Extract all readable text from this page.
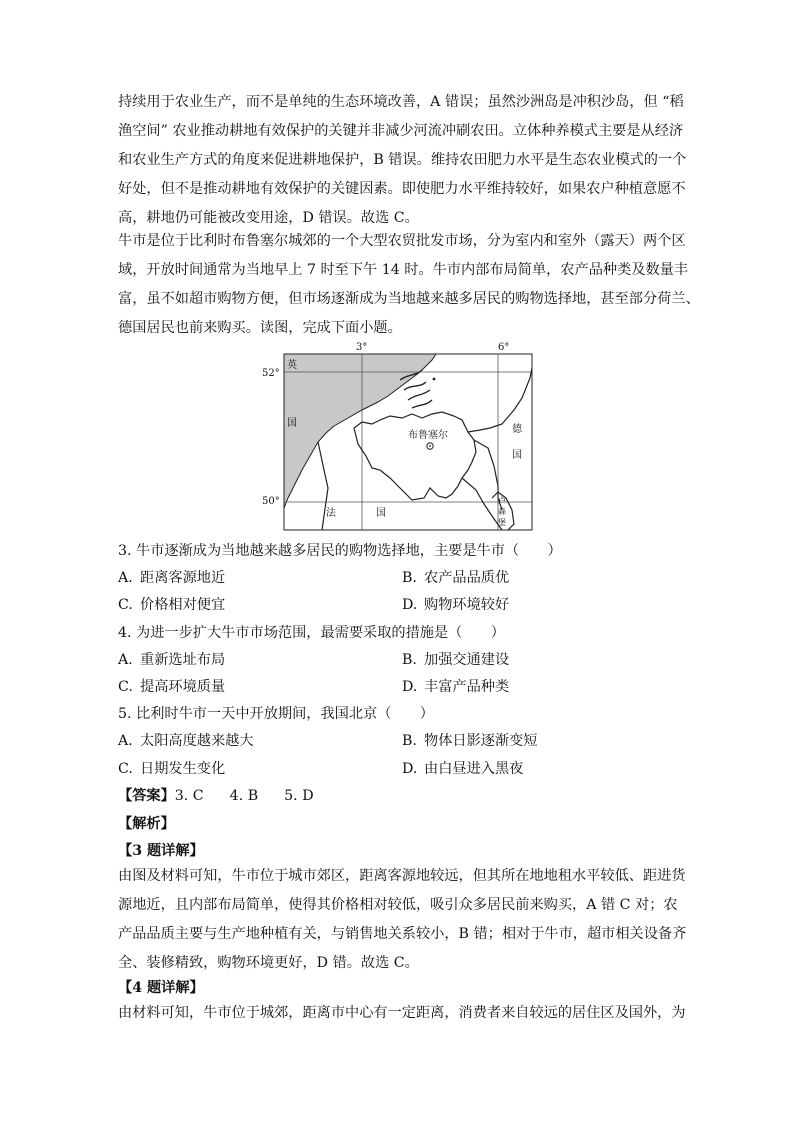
持续用于农业生产，而不是单纯的生态环境改善，A 错误；虽然沙洲岛是冲积沙岛，但 “稻
渔空间” 农业推动耕地有效保护的关键并非减少河流冲刷农田。立体种养模式主要是从经济
和农业生产方式的角度来促进耕地保护，B 错误。维持农田肥力水平是生态农业模式的一个
好处，但不是推动耕地有效保护的关键因素。即使肥力水平维持较好，如果农户种植意愿不
高，耕地仍可能被改变用途，D 错误。故选 C。
牛市是位于比利时布鲁塞尔城郊的一个大型农贸批发市场，分为室内和室外（露天）两个区
域，开放时间通常为当地早上 7 时至下午 14 时。牛市内部布局简单，农产品种类及数量丰
富，虽不如超市购物方便，但市场逐渐成为当地越来越多居民的购物选择地，甚至部分荷兰、
德国居民也前来购买。读图，完成下面小题。
3°	6°
52°
50°
英
国
布鲁塞尔
德
国
法	国
卢
森
堡
3. 牛市逐渐成为当地越来越多居民的购物选择地，主要是牛市（　　）
A. 距离客源地近	B. 农产品品质优
C. 价格相对便宜	D. 购物环境较好
4. 为进一步扩大牛市市场范围，最需要采取的措施是（　　）
A. 重新选址布局	B. 加强交通建设
C. 提高环境质量	D. 丰富产品种类
5. 比利时牛市一天中开放期间，我国北京（　　）
A. 太阳高度越来越大	B. 物体日影逐渐变短
C. 日期发生变化	D. 由白昼进入黑夜
【答案】3. C 4. B 5. D
【解析】
【3 题详解】
由图及材料可知，牛市位于城市郊区，距离客源地较远，但其所在地地租水平较低、距进货
源地近，且内部布局简单，使得其价格相对较低，吸引众多居民前来购买，A 错 C 对；农
产品品质主要与生产地种植有关，与销售地关系较小，B 错；相对于牛市，超市相关设备齐
全、装修精致，购物环境更好，D 错。故选 C。
【4 题详解】
由材料可知，牛市位于城郊，距离市中心有一定距离，消费者来自较远的居住区及国外，为
